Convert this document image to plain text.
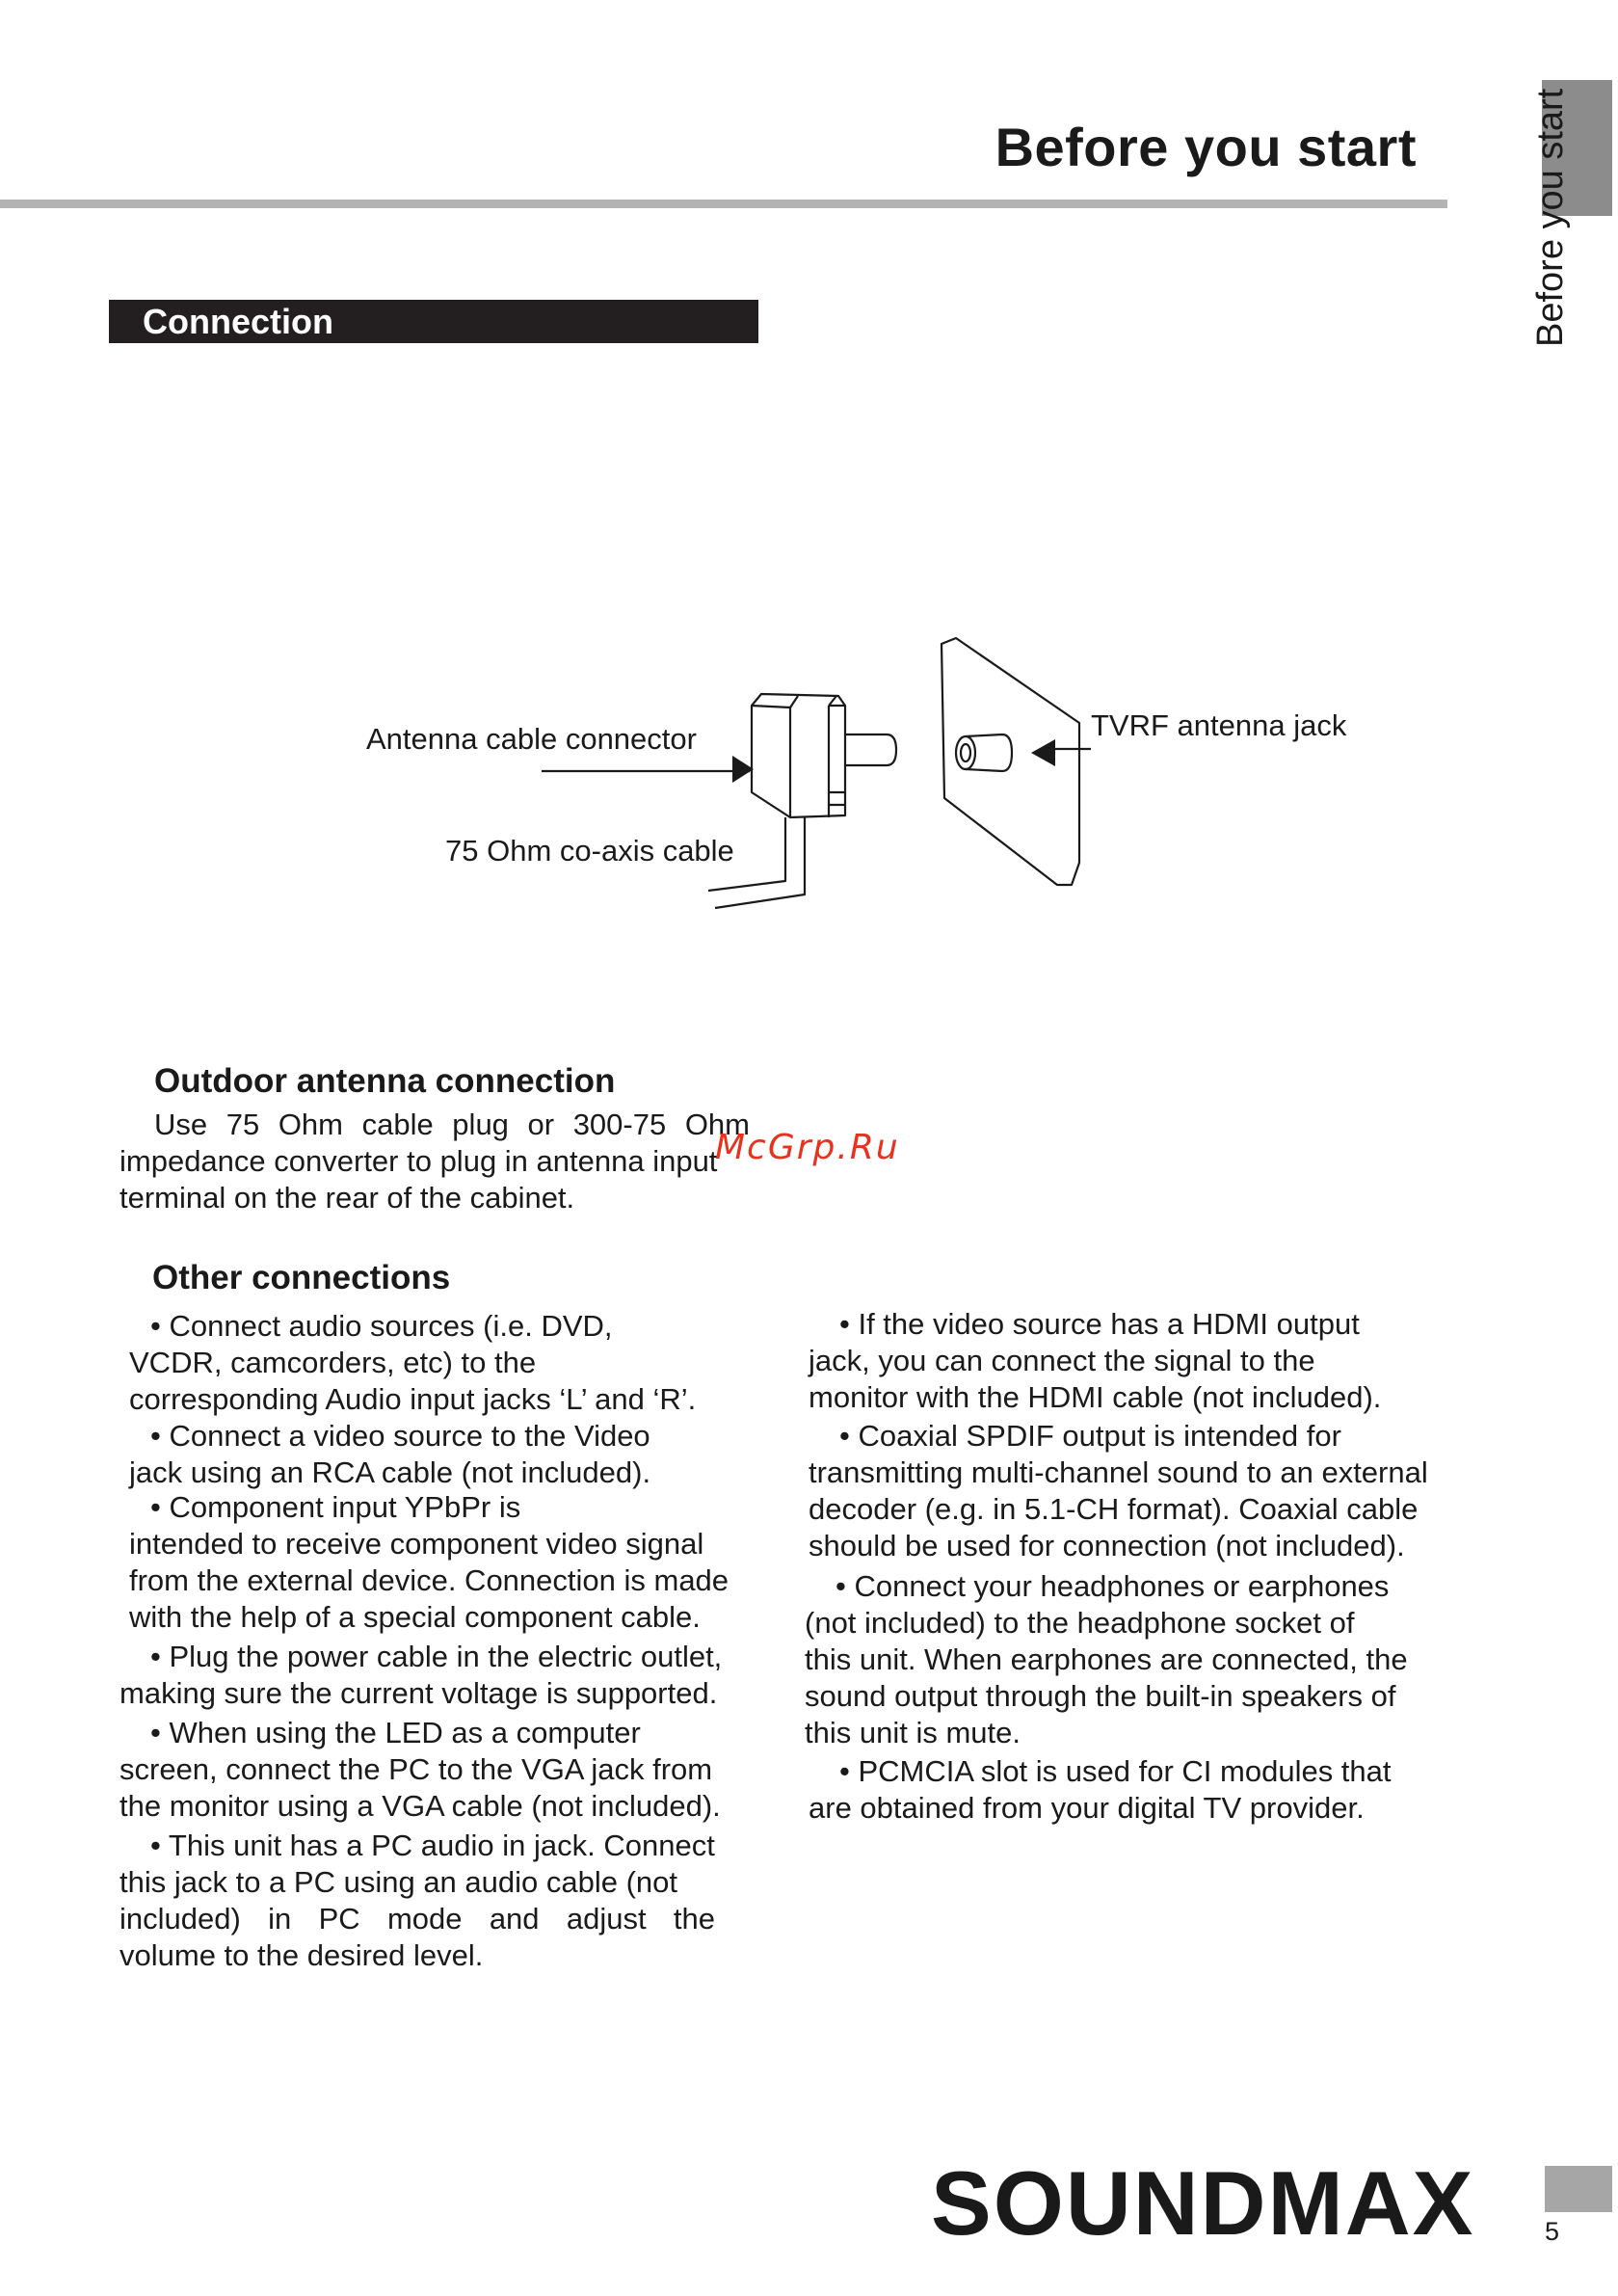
Before you start	Before you start
Connection
Antenna cable connector
75 Ohm co-axis cable
TVRF antenna jack
Outdoor antenna connection
Use 75 Ohm cable plug or 300-75 Ohm
impedance converter to plug in antenna input
terminal on the rear of the cabinet.
McGrp.Ru
Other connections
• Connect audio sources (i.e. DVD,
VCDR, camcorders, etc) to the
corresponding Audio input jacks ‘L’ and ‘R’.
• Connect a video source to the Video
jack using an RCA cable (not included).
• Component input YPbPr is
intended to receive component video signal
from the external device. Connection is made
with the help of a special component cable.
• Plug the power cable in the electric outlet,
making sure the current voltage is supported.
• When using the LED as a computer
screen, connect the PC to the VGA jack from
the monitor using a VGA cable (not included).
• This unit has a PC audio in jack. Connect
this jack to a PC using an audio cable (not
included) in PC mode and adjust the
volume to the desired level.
• If the video source has a HDMI output
jack, you can connect the signal to the
monitor with the HDMI cable (not included).
• Coaxial SPDIF output is intended for
transmitting multi-channel sound to an external
decoder (e.g. in 5.1-CH format). Coaxial cable
should be used for connection (not included).
• Connect your headphones or earphones
(not included) to the headphone socket of
this unit. When earphones are connected, the
sound output through the built-in speakers of
this unit is mute.
• PCMCIA slot is used for CI modules that
are obtained from your digital TV provider.
SOUNDMAX	5
